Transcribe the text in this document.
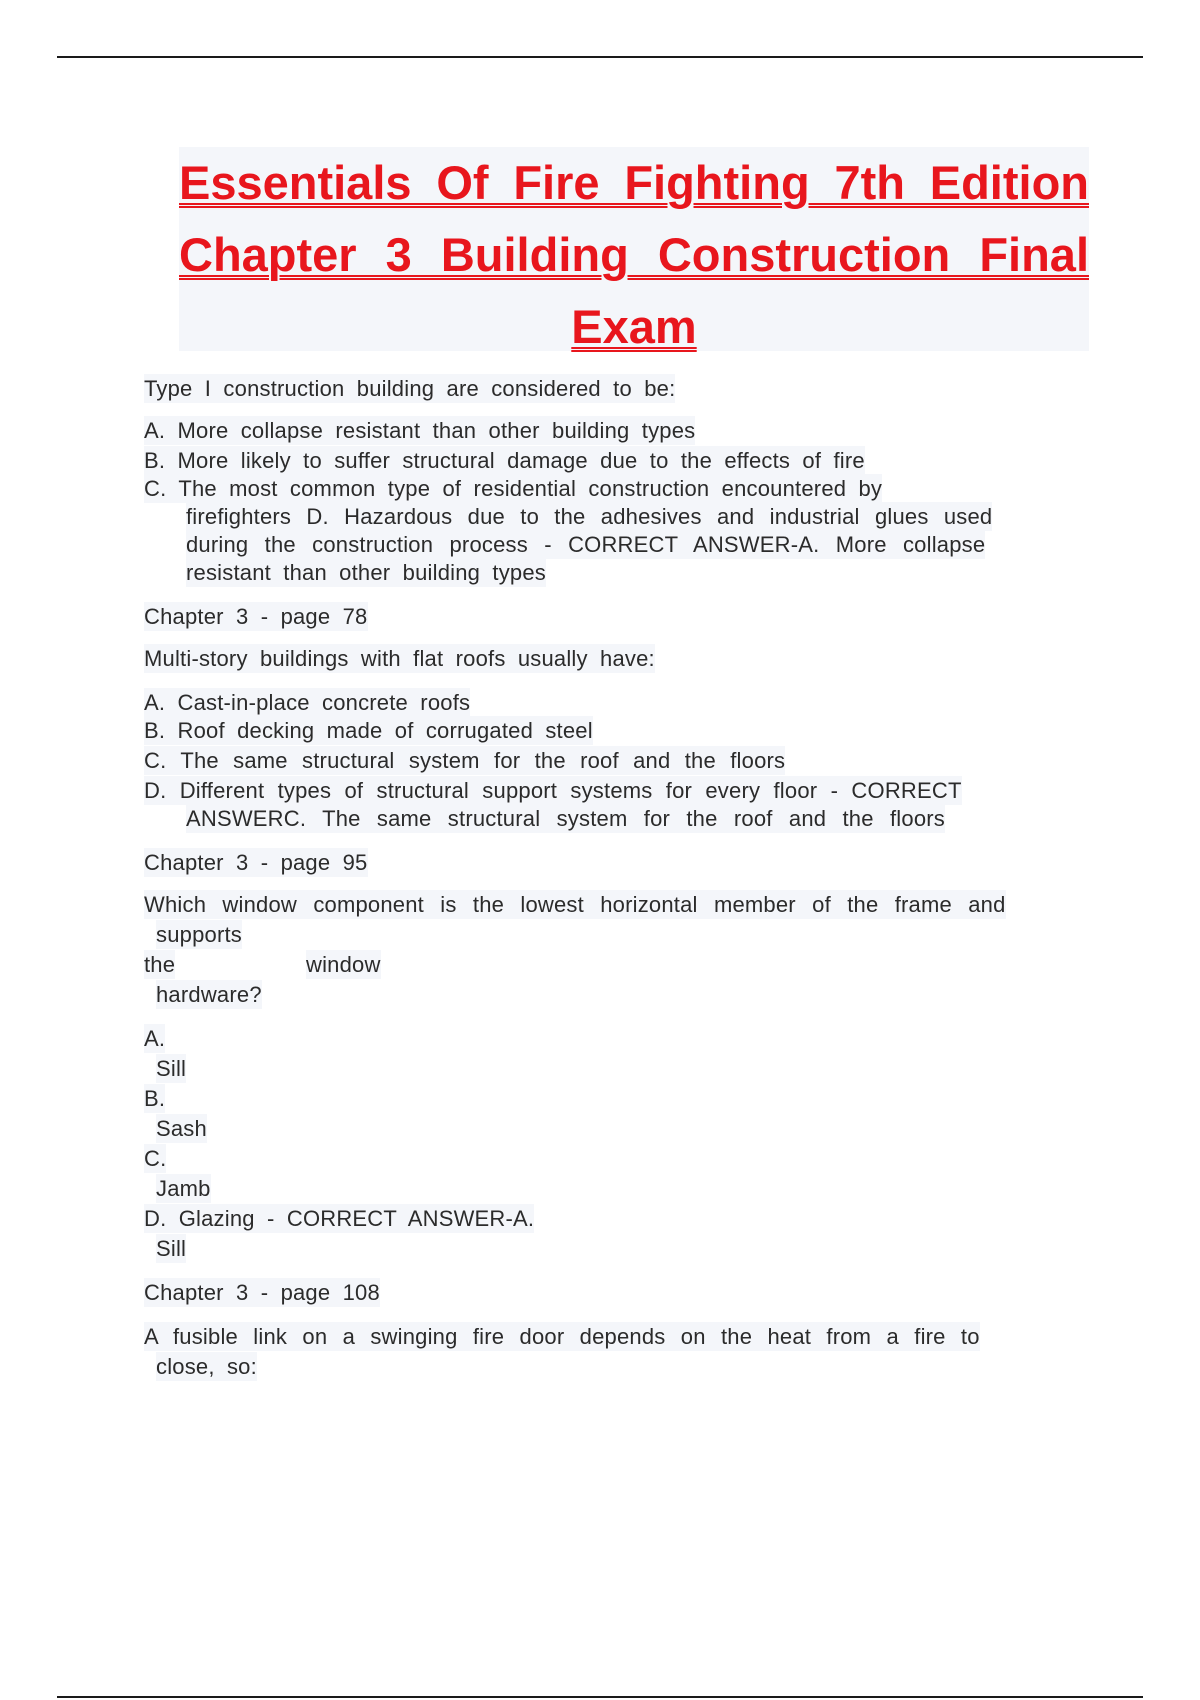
Essentials Of Fire Fighting 7th Edition
Chapter 3 Building Construction Final
Exam
Type I construction building are considered to be:
A. More collapse resistant than other building types
B. More likely to suffer structural damage due to the effects of fire
C. The most common type of residential construction encountered by
firefighters D. Hazardous due to the adhesives and industrial glues used
during the construction process - CORRECT ANSWER-A. More collapse
resistant than other building types
Chapter 3 - page 78
Multi-story buildings with flat roofs usually have:
A. Cast-in-place concrete roofs
B. Roof decking made of corrugated steel
C. The same structural system for the roof and the floors
D. Different types of structural support systems for every floor - CORRECT
ANSWERC. The same structural system for the roof and the floors
Chapter 3 - page 95
Which window component is the lowest horizontal member of the frame and
supports
the	window
hardware?
A.
Sill
B.
Sash
C.
Jamb
D. Glazing - CORRECT ANSWER-A.
Sill
Chapter 3 - page 108
A fusible link on a swinging fire door depends on the heat from a fire to
close, so:
